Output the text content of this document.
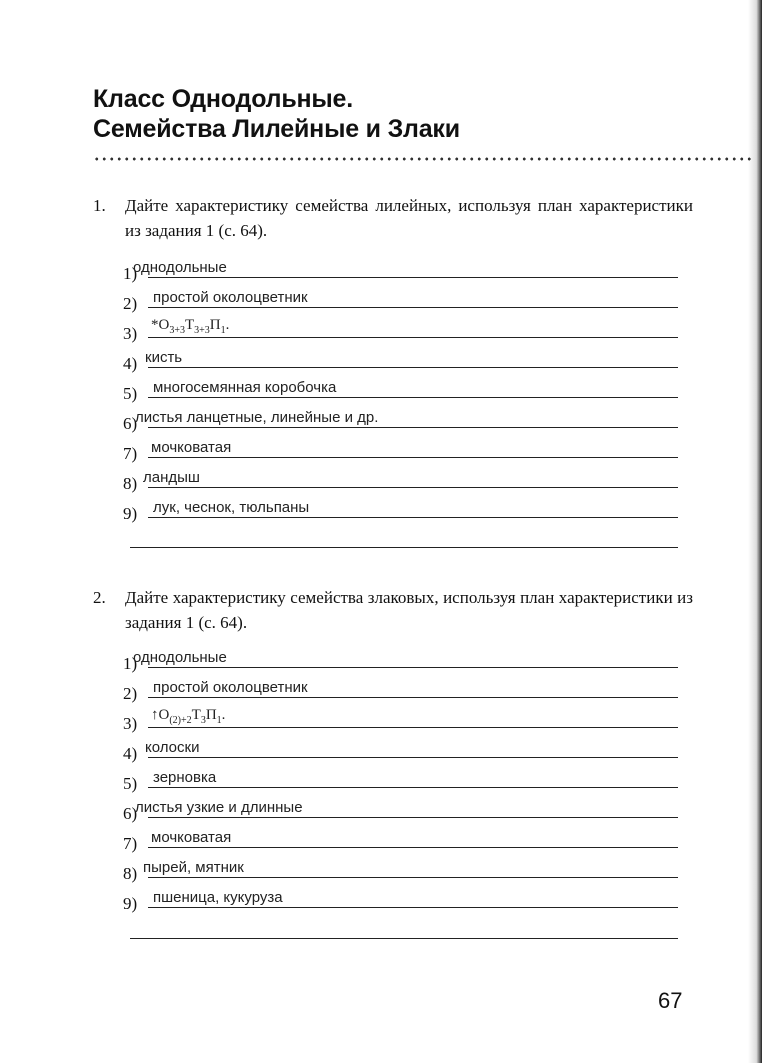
Класс Однодольные.
Семейства Лилейные и Злаки
1.	Дайте характеристику семейства лилейных, используя план характеристики из задания 1 (с. 64).
1)
однодольные
2) простой околоцветник
3) $*О_{3+3}Т_{3+3}П_1$.
4) кисть
5) многосемянная коробочка
6)
листья ланцетные, линейные и др.
7) мочковатая
8) ландыш
9) лук, чеснок, тюльпаны
2.	Дайте характеристику семейства злаковых, используя план характеристики из задания 1 (с. 64).
1)
однодольные
2) простой околоцветник
3) $↑О_{(2)+2}Т_3П_1$.
4) колоски
5) зерновка
6)
листья узкие и длинные
7) мочковатая
8) пырей, мятник
9) пшеница, кукуруза
67
